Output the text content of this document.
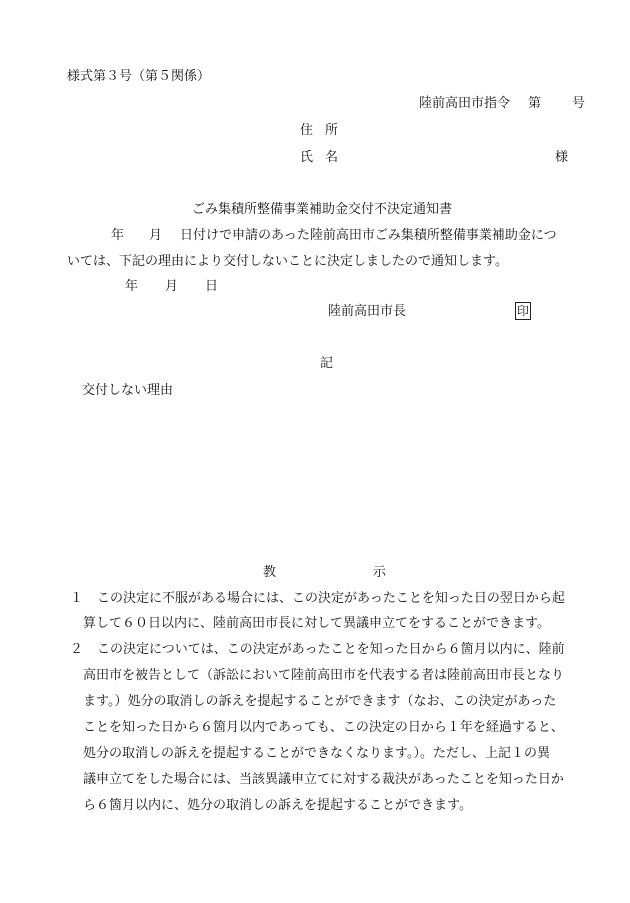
様式第３号（第５関係）
陸前高田市指令 第 号
住 所
氏 名	様
ごみ集積所整備事業補助金交付不決定通知書
年 月 日付けで申請のあった陸前高田市ごみ集積所整備事業補助金につ
いては、下記の理由により交付しないことに決定しましたので通知します。
年 月 日
陸前高田市長	印
記
交付しない理由
教	示
１ この決定に不服がある場合には、この決定があったことを知った日の翌日から起
算して６０日以内に、陸前高田市長に対して異議申立てをすることができます。
２ この決定については、この決定があったことを知った日から６箇月以内に、陸前
高田市を被告として（訴訟において陸前高田市を代表する者は陸前高田市長となり
ます。）処分の取消しの訴えを提起することができます（なお、この決定があった
ことを知った日から６箇月以内であっても、この決定の日から１年を経過すると、
処分の取消しの訴えを提起することができなくなります。）。ただし、上記１の異
議申立てをした場合には、当該異議申立てに対する裁決があったことを知った日か
ら６箇月以内に、処分の取消しの訴えを提起することができます。
